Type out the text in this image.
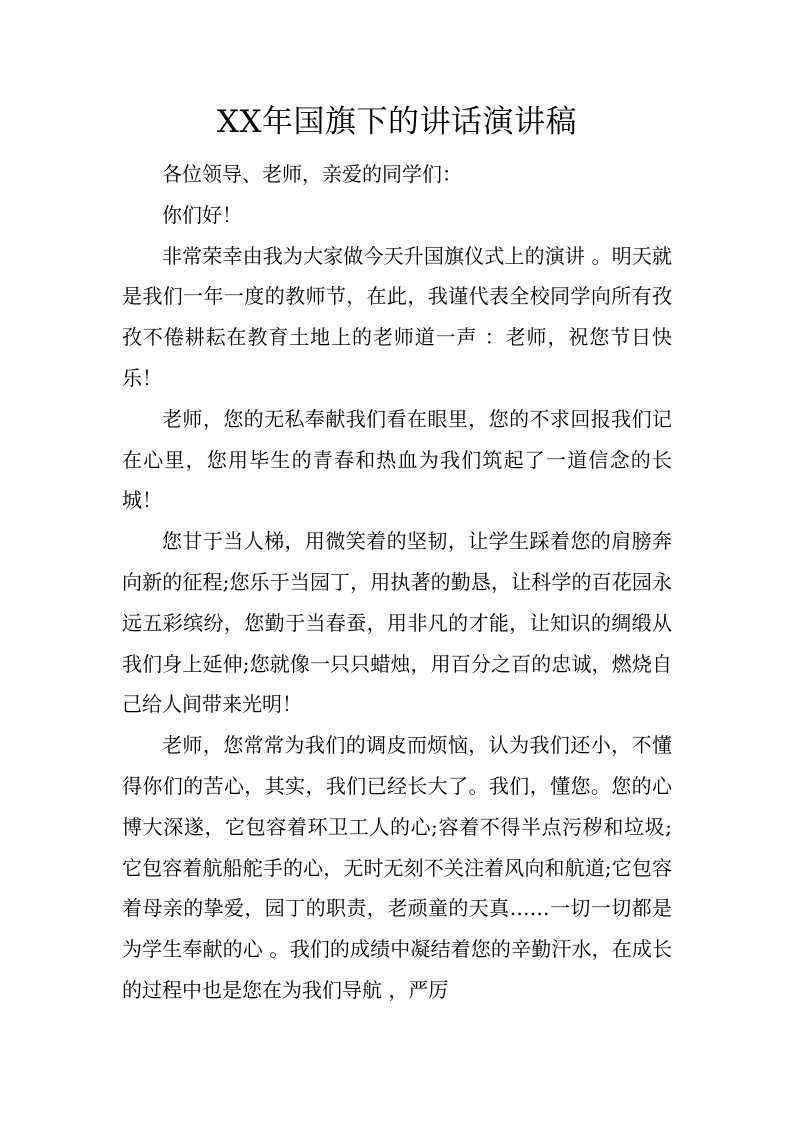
XX年国旗下的讲话演讲稿

各位领导、老师，亲爱的同学们：

你们好！

非常荣幸由我为大家做今天升国旗仪式上的演讲 。明天就是我们一年一度的教师节，在此，我谨代表全校同学向所有孜孜不倦耕耘在教育土地上的老师道一声 ：老师，祝您节日快乐！

老师，您的无私奉献我们看在眼里，您的不求回报我们记在心里，您用毕生的青春和热血为我们筑起了一道信念的长城！

您甘于当人梯，用微笑着的坚韧，让学生踩着您的肩膀奔向新的征程;您乐于当园丁，用执著的勤恳，让科学的百花园永远五彩缤纷，您勤于当春蚕，用非凡的才能，让知识的绸缎从我们身上延伸;您就像一只只蜡烛，用百分之百的忠诚，燃烧自己给人间带来光明！

老师，您常常为我们的调皮而烦恼，认为我们还小，不懂得你们的苦心，其实，我们已经长大了。我们，懂您。您的心博大深遂，它包容着环卫工人的心;容着不得半点污秽和垃圾;它包容着航船舵手的心，无时无刻不关注着风向和航道;它包容着母亲的挚爱，园丁的职责，老顽童的天真……一切一切都是为学生奉献的心 。我们的成绩中凝结着您的辛勤汗水，在成长的过程中也是您在为我们导航 ，严厉
